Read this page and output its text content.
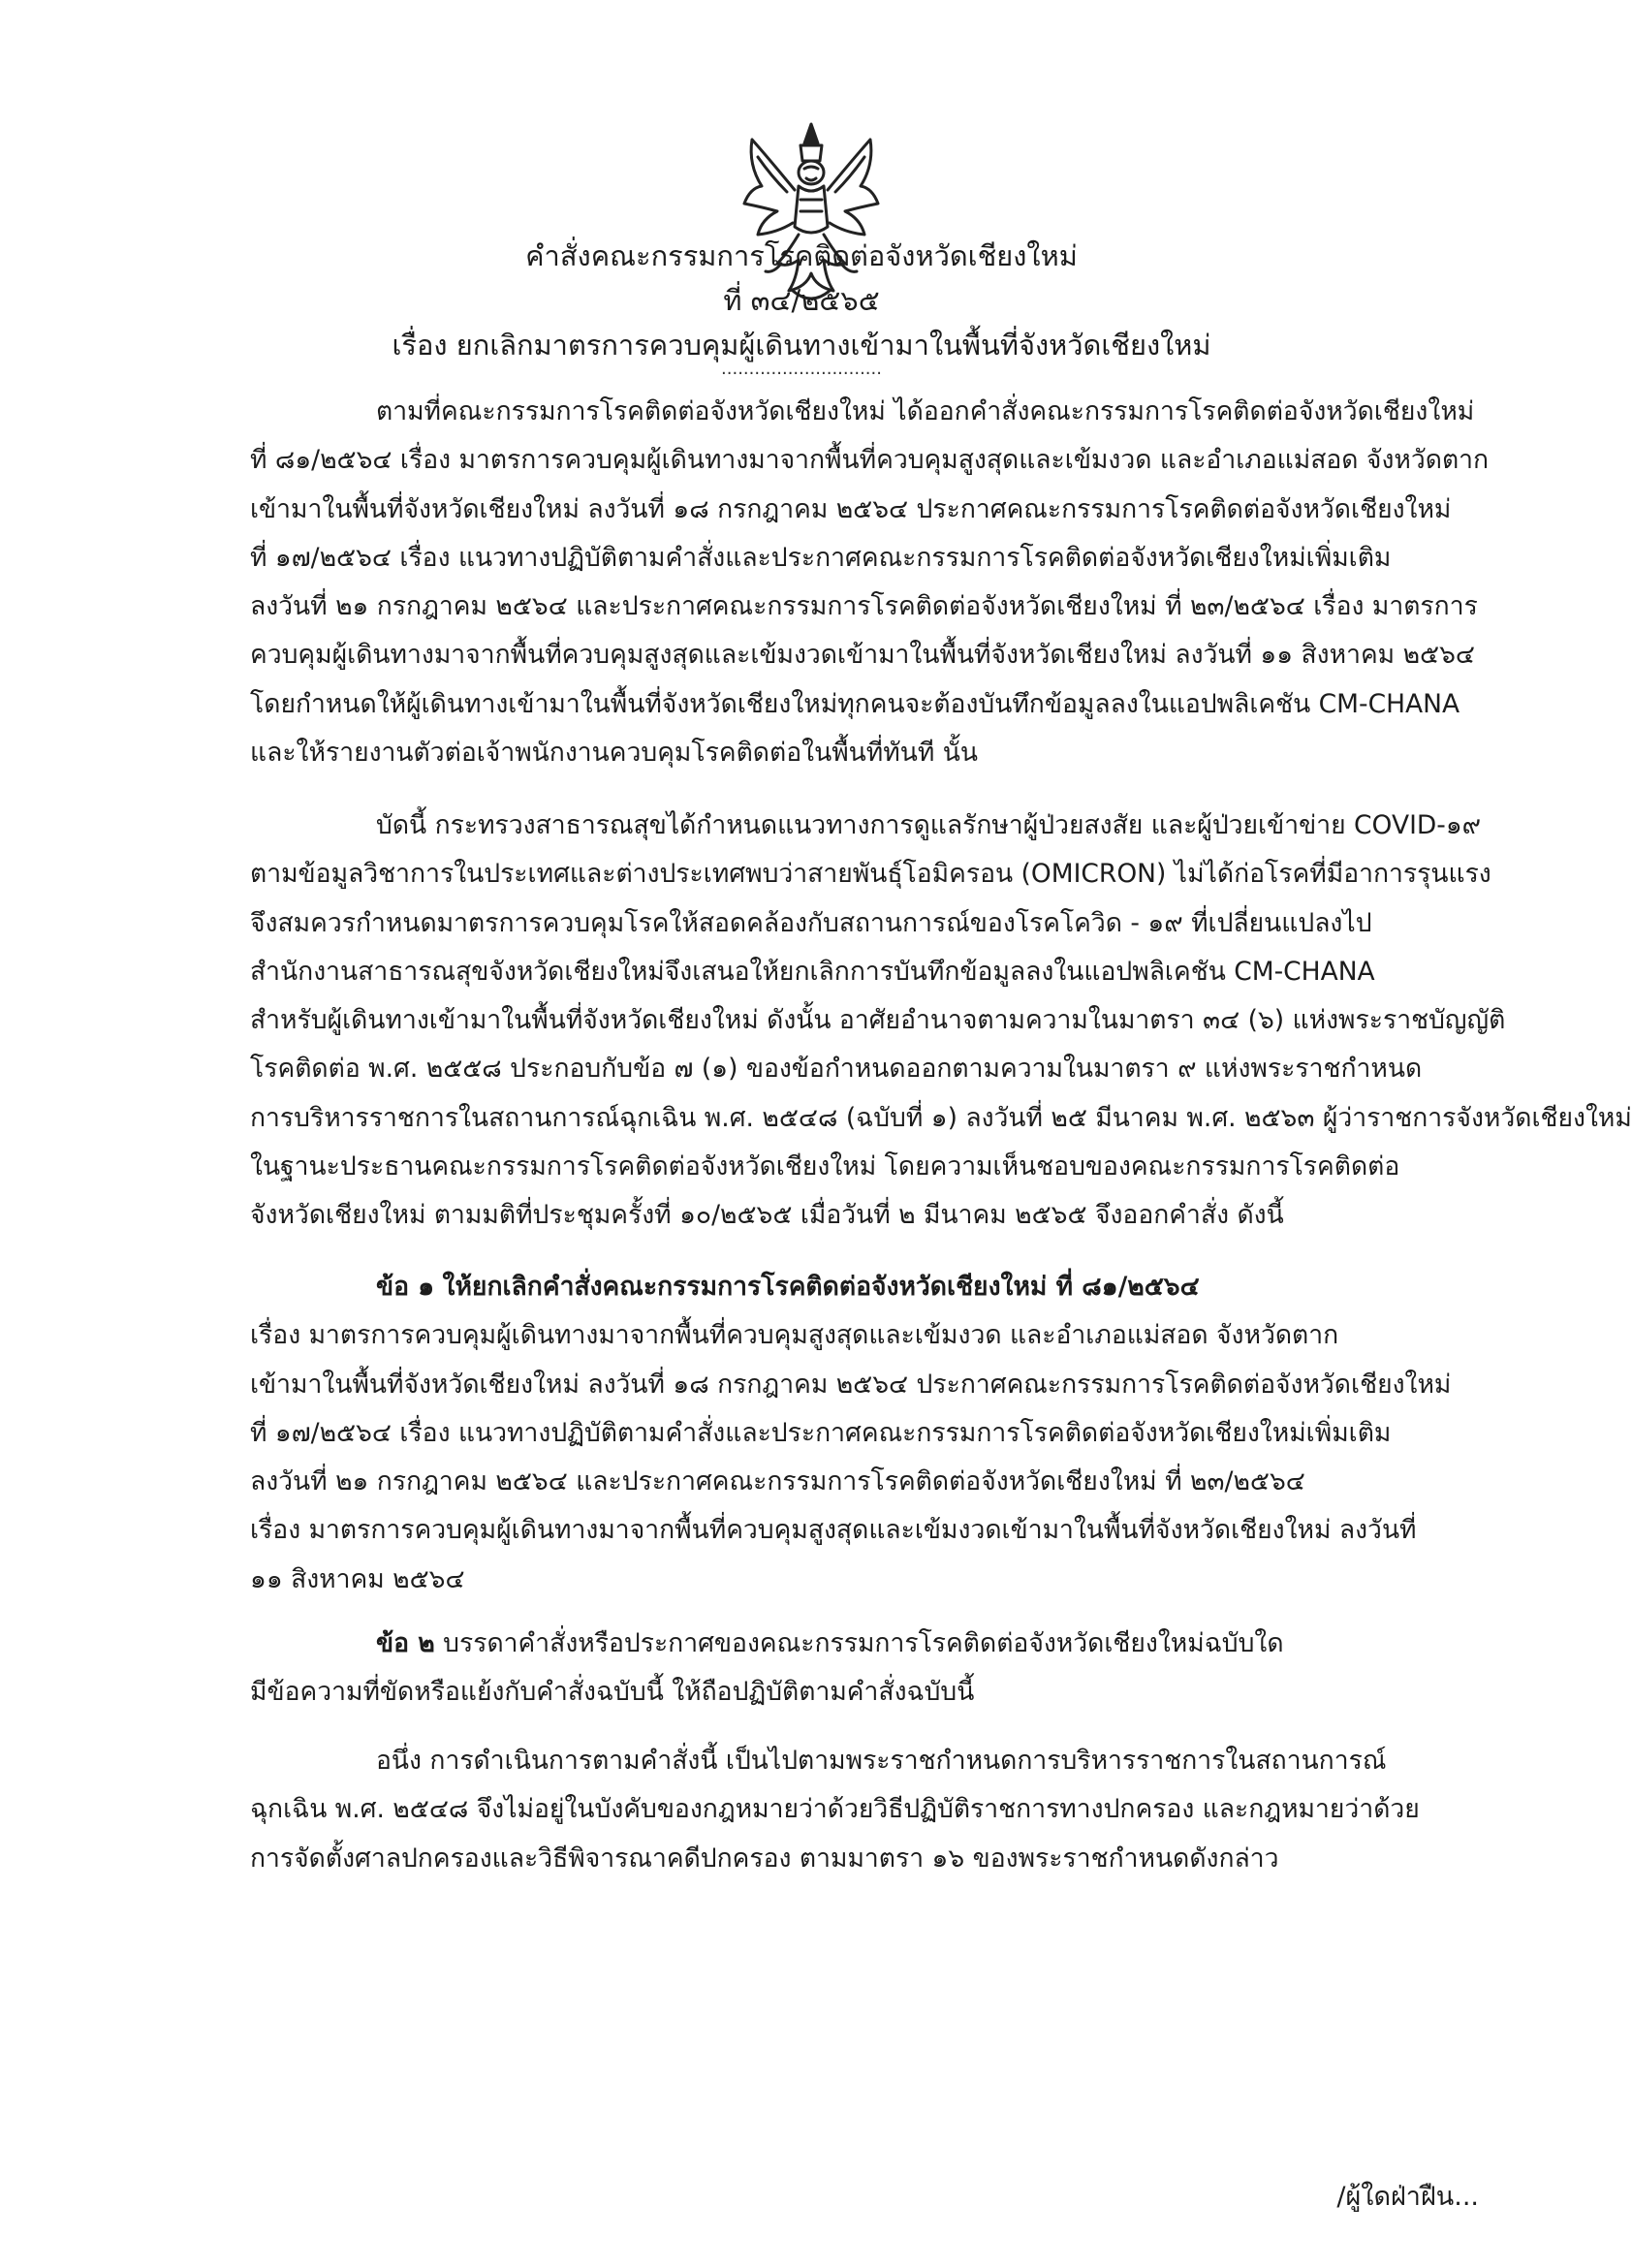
คำสั่งคณะกรรมการโรคติดต่อจังหวัดเชียงใหม่
ที่ ๓๔/๒๕๖๕
เรื่อง ยกเลิกมาตรการควบคุมผู้เดินทางเข้ามาในพื้นที่จังหวัดเชียงใหม่
.............................
ตามที่คณะกรรมการโรคติดต่อจังหวัดเชียงใหม่ ได้ออกคำสั่งคณะกรรมการโรคติดต่อจังหวัดเชียงใหม่
ที่ ๘๑/๒๕๖๔ เรื่อง มาตรการควบคุมผู้เดินทางมาจากพื้นที่ควบคุมสูงสุดและเข้มงวด และอำเภอแม่สอด จังหวัดตาก
เข้ามาในพื้นที่จังหวัดเชียงใหม่ ลงวันที่ ๑๘ กรกฎาคม ๒๕๖๔ ประกาศคณะกรรมการโรคติดต่อจังหวัดเชียงใหม่
ที่ ๑๗/๒๕๖๔ เรื่อง แนวทางปฏิบัติตามคำสั่งและประกาศคณะกรรมการโรคติดต่อจังหวัดเชียงใหม่เพิ่มเติม
ลงวันที่ ๒๑ กรกฎาคม ๒๕๖๔ และประกาศคณะกรรมการโรคติดต่อจังหวัดเชียงใหม่ ที่ ๒๓/๒๕๖๔ เรื่อง มาตรการ
ควบคุมผู้เดินทางมาจากพื้นที่ควบคุมสูงสุดและเข้มงวดเข้ามาในพื้นที่จังหวัดเชียงใหม่ ลงวันที่ ๑๑ สิงหาคม ๒๕๖๔
โดยกำหนดให้ผู้เดินทางเข้ามาในพื้นที่จังหวัดเชียงใหม่ทุกคนจะต้องบันทึกข้อมูลลงในแอปพลิเคชัน CM-CHANA
และให้รายงานตัวต่อเจ้าพนักงานควบคุมโรคติดต่อในพื้นที่ทันที นั้น
บัดนี้ กระทรวงสาธารณสุขได้กำหนดแนวทางการดูแลรักษาผู้ป่วยสงสัย และผู้ป่วยเข้าข่าย COVID-๑๙
ตามข้อมูลวิชาการในประเทศและต่างประเทศพบว่าสายพันธุ์โอมิครอน (OMICRON) ไม่ได้ก่อโรคที่มีอาการรุนแรง
จึงสมควรกำหนดมาตรการควบคุมโรคให้สอดคล้องกับสถานการณ์ของโรคโควิด - ๑๙ ที่เปลี่ยนแปลงไป
สำนักงานสาธารณสุขจังหวัดเชียงใหม่จึงเสนอให้ยกเลิกการบันทึกข้อมูลลงในแอปพลิเคชัน CM-CHANA
สำหรับผู้เดินทางเข้ามาในพื้นที่จังหวัดเชียงใหม่ ดังนั้น อาศัยอำนาจตามความในมาตรา ๓๔ (๖) แห่งพระราชบัญญัติ
โรคติดต่อ พ.ศ. ๒๕๕๘ ประกอบกับข้อ ๗ (๑) ของข้อกำหนดออกตามความในมาตรา ๙ แห่งพระราชกำหนด
การบริหารราชการในสถานการณ์ฉุกเฉิน พ.ศ. ๒๕๔๘ (ฉบับที่ ๑) ลงวันที่ ๒๕ มีนาคม พ.ศ. ๒๕๖๓ ผู้ว่าราชการจังหวัดเชียงใหม่
ในฐานะประธานคณะกรรมการโรคติดต่อจังหวัดเชียงใหม่ โดยความเห็นชอบของคณะกรรมการโรคติดต่อ
จังหวัดเชียงใหม่ ตามมติที่ประชุมครั้งที่ ๑๐/๒๕๖๕ เมื่อวันที่ ๒ มีนาคม ๒๕๖๕ จึงออกคำสั่ง ดังนี้
ข้อ ๑ ให้ยกเลิกคำสั่งคณะกรรมการโรคติดต่อจังหวัดเชียงใหม่ ที่ ๘๑/๒๕๖๔
เรื่อง มาตรการควบคุมผู้เดินทางมาจากพื้นที่ควบคุมสูงสุดและเข้มงวด และอำเภอแม่สอด จังหวัดตาก
เข้ามาในพื้นที่จังหวัดเชียงใหม่ ลงวันที่ ๑๘ กรกฎาคม ๒๕๖๔ ประกาศคณะกรรมการโรคติดต่อจังหวัดเชียงใหม่
ที่ ๑๗/๒๕๖๔ เรื่อง แนวทางปฏิบัติตามคำสั่งและประกาศคณะกรรมการโรคติดต่อจังหวัดเชียงใหม่เพิ่มเติม
ลงวันที่ ๒๑ กรกฎาคม ๒๕๖๔ และประกาศคณะกรรมการโรคติดต่อจังหวัดเชียงใหม่ ที่ ๒๓/๒๕๖๔
เรื่อง มาตรการควบคุมผู้เดินทางมาจากพื้นที่ควบคุมสูงสุดและเข้มงวดเข้ามาในพื้นที่จังหวัดเชียงใหม่ ลงวันที่
๑๑ สิงหาคม ๒๕๖๔
ข้อ ๒ บรรดาคำสั่งหรือประกาศของคณะกรรมการโรคติดต่อจังหวัดเชียงใหม่ฉบับใด
มีข้อความที่ขัดหรือแย้งกับคำสั่งฉบับนี้ ให้ถือปฏิบัติตามคำสั่งฉบับนี้
อนึ่ง การดำเนินการตามคำสั่งนี้ เป็นไปตามพระราชกำหนดการบริหารราชการในสถานการณ์
ฉุกเฉิน พ.ศ. ๒๕๔๘ จึงไม่อยู่ในบังคับของกฎหมายว่าด้วยวิธีปฏิบัติราชการทางปกครอง และกฎหมายว่าด้วย
การจัดตั้งศาลปกครองและวิธีพิจารณาคดีปกครอง ตามมาตรา ๑๖ ของพระราชกำหนดดังกล่าว
/ผู้ใดฝ่าฝืน...
